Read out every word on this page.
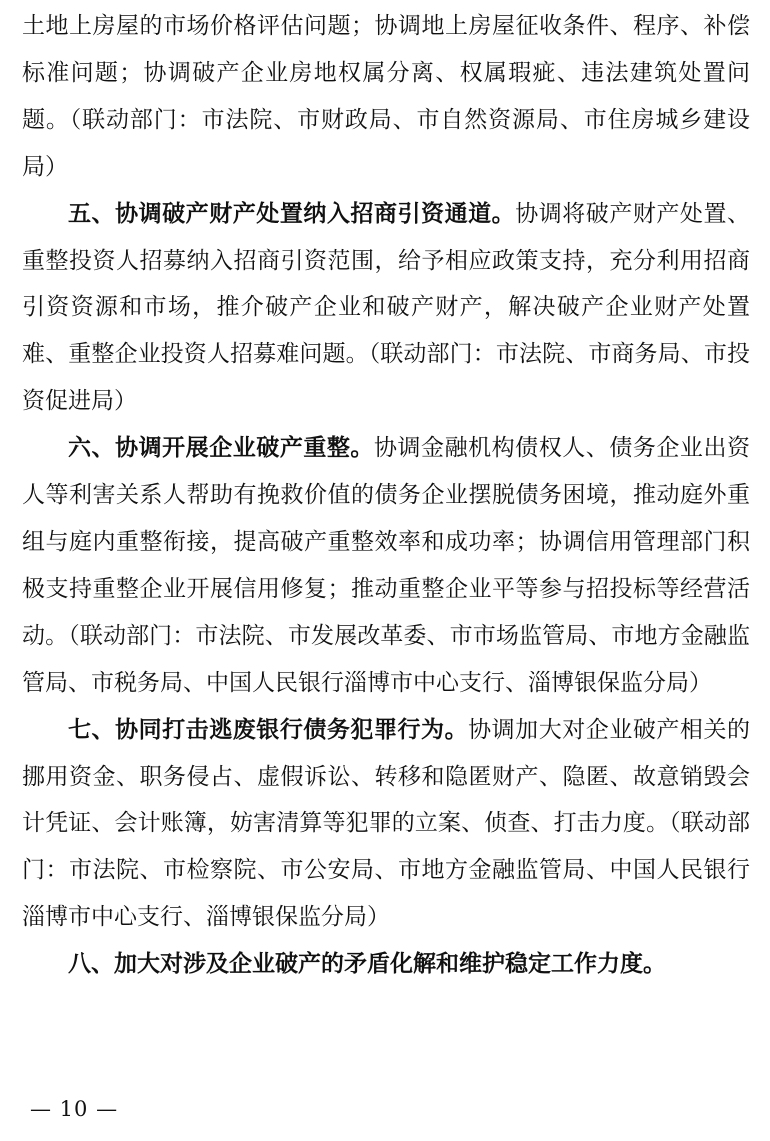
土地上房屋的市场价格评估问题；协调地上房屋征收条件、程序、补偿标准问题；协调破产企业房地权属分离、权属瑕疵、违法建筑处置问题。（联动部门：市法院、市财政局、市自然资源局、市住房城乡建设局）

五、协调破产财产处置纳入招商引资通道。协调将破产财产处置、重整投资人招募纳入招商引资范围，给予相应政策支持，充分利用招商引资资源和市场，推介破产企业和破产财产，解决破产企业财产处置难、重整企业投资人招募难问题。（联动部门：市法院、市商务局、市投资促进局）

六、协调开展企业破产重整。协调金融机构债权人、债务企业出资人等利害关系人帮助有挽救价值的债务企业摆脱债务困境，推动庭外重组与庭内重整衔接，提高破产重整效率和成功率；协调信用管理部门积极支持重整企业开展信用修复；推动重整企业平等参与招投标等经营活动。（联动部门：市法院、市发展改革委、市市场监管局、市地方金融监管局、市税务局、中国人民银行淄博市中心支行、淄博银保监分局）

七、协同打击逃废银行债务犯罪行为。协调加大对企业破产相关的挪用资金、职务侵占、虚假诉讼、转移和隐匿财产、隐匿、故意销毁会计凭证、会计账簿，妨害清算等犯罪的立案、侦查、打击力度。（联动部门：市法院、市检察院、市公安局、市地方金融监管局、中国人民银行淄博市中心支行、淄博银保监分局）

八、加大对涉及企业破产的矛盾化解和维护稳定工作力度。

— 10 —
